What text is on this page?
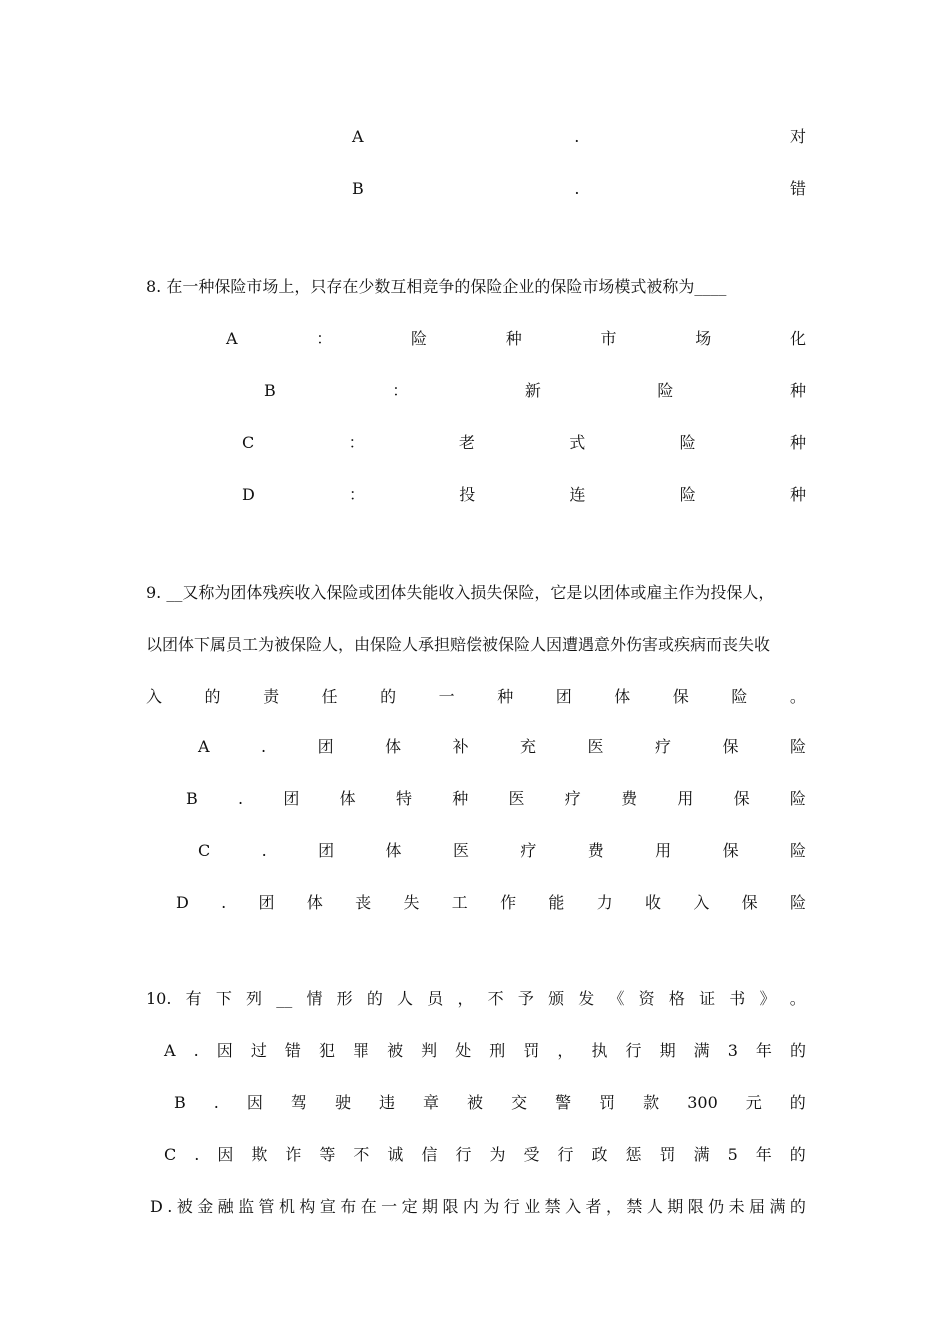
A	.	对
B	.	错
8. 在一种保险市场上，只存在少数互相竞争的保险企业的保险市场模式被称为____
A	：	险	种	市	场	化
B	：	新	险	种
C	：	老	式	险	种
D	：	投	连	险	种
9. __又称为团体残疾收入保险或团体失能收入损失保险，它是以团体或雇主作为投保人，
以团体下属员工为被保险人，由保险人承担赔偿被保险人因遭遇意外伤害或疾病而丧失收
入	的	责	任	的	一	种	团	体	保	险	。
A	.	团	体	补	充	医	疗	保	险
B	.	团	体	特	种	医	疗	费	用	保	险
C	.	团	体	医	疗	费	用	保	险
D . 团 体 丧 失 工 作 能 力 收 入 保 险
10. 有 下 列 __ 情 形 的 人 员 ， 不 予 颁 发 《 资 格 证 书 》 。
A . 因 过 错 犯 罪 被 判 处 刑 罚 ， 执 行 期 满 3 年 的
B . 因 驾 驶 违 章 被 交 警 罚 款 300 元 的
C . 因 欺 诈 等 不 诚 信 行 为 受 行 政 惩 罚 满 5 年 的
D . 被 金 融 监 管 机 构 宣 布 在 一 定 期 限 内 为 行 业 禁 入 者 ， 禁 人 期 限 仍 未 届 满 的
